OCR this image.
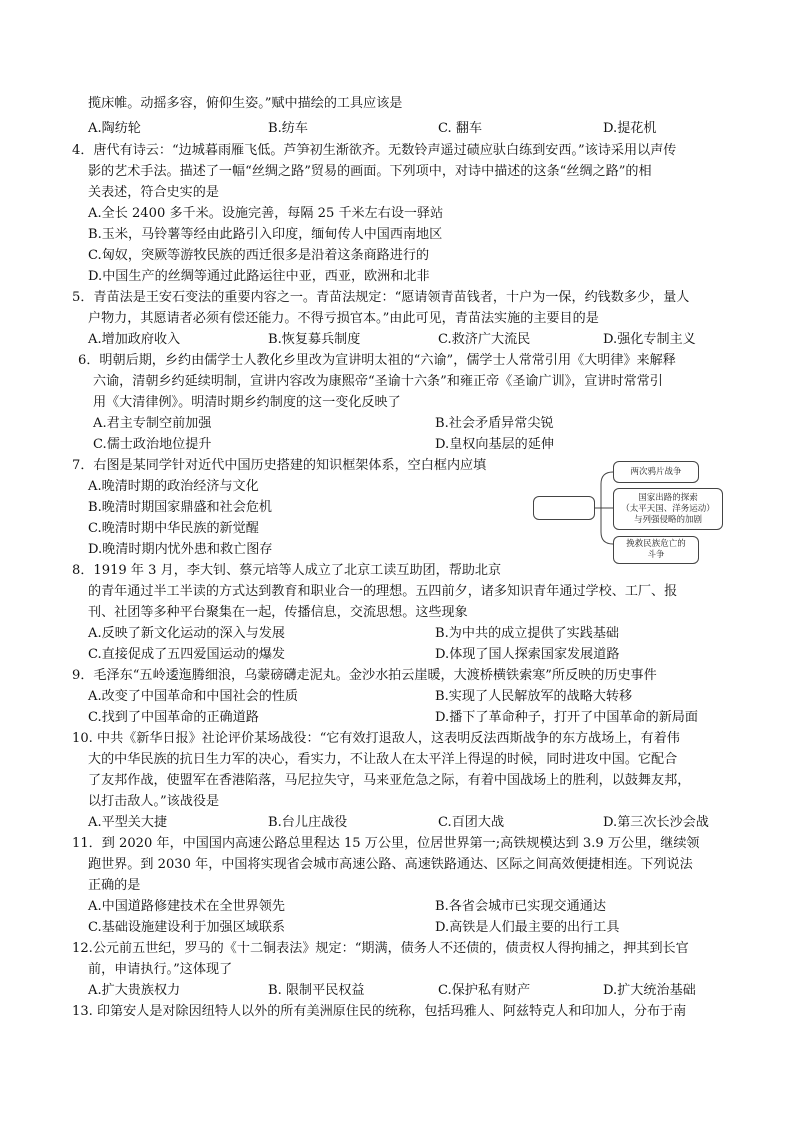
揽床帷。动摇多容，俯仰生姿。”赋中描绘的工具应该是
A.陶纺轮	B.纺车	C. 翻车	D.提花机
4．唐代有诗云：“边城暮雨雁飞低。芦笋初生渐欲齐。无数铃声遥过碛应驮白练到安西。”该诗采用以声传
影的艺术手法。描述了一幅“丝绸之路”贸易的画面。下列项中，对诗中描述的这条“丝绸之路”的相
关表述，符合史实的是
A.全长 2400 多千米。设施完善，每隔 25 千米左右设一驿站
B.玉米，马铃薯等经由此路引入印度，缅甸传人中国西南地区
C.匈奴，突厥等游牧民族的西迁很多是沿着这条商路进行的
D.中国生产的丝绸等通过此路运往中亚，西亚，欧洲和北非
5．青苗法是王安石变法的重要内容之一。青苗法规定：“愿请领青苗钱者，十户为一保，约钱数多少，量人
户物力，其愿请者必须有偿还能力。不得亏损官本。”由此可见，青苗法实施的主要目的是
A.增加政府收入	B.恢复募兵制度	C.救济广大流民	D.强化专制主义
6．明朝后期，乡约由儒学士人教化乡里改为宣讲明太祖的“六谕”，儒学士人常常引用《大明律》来解释
六谕，清朝乡约延续明制，宣讲内容改为康熙帝“圣谕十六条”和雍正帝《圣谕广训》，宣讲时常常引
用《大清律例》。明清时期乡约制度的这一变化反映了
A.君主专制空前加强	B.社会矛盾异常尖锐
C.儒士政治地位提升	D.皇权向基层的延伸
7．右图是某同学针对近代中国历史搭建的知识框架体系，空白框内应填
A.晚清时期的政治经济与文化
B.晚清时期国家鼎盛和社会危机
C.晚清时期中华民族的新觉醒
D.晚清时期内忧外患和救亡图存
两次鸦片战争
国家出路的探索
（太平天国、洋务运动）
与列强侵略的加剧
挽救民族危亡的
斗争
8．1919 年 3 月，李大钊、蔡元培等人成立了北京工读互助团，帮助北京
的青年通过半工半读的方式达到教育和职业合一的理想。五四前夕，诸多知识青年通过学校、工厂、报
刊、社团等多种平台聚集在一起，传播信息，交流思想。这些现象
A.反映了新文化运动的深入与发展	B.为中共的成立提供了实践基础
C.直接促成了五四爱国运动的爆发	D.体现了国人探索国家发展道路
9．毛泽东“五岭逶迤腾细浪，乌蒙磅礴走泥丸。金沙水拍云崖暖，大渡桥横铁索寒”所反映的历史事件
A.改变了中国革命和中国社会的性质	B.实现了人民解放军的战略大转移
C.找到了中国革命的正确道路	D.播下了革命种子，打开了中国革命的新局面
10. 中共《新华日报》社论评价某场战役：“它有效打退敌人，这表明反法西斯战争的东方战场上，有着伟
大的中华民族的抗日生力军的决心，看实力，不让敌人在太平洋上得逞的时候，同时进攻中国。它配合
了友邦作战，使盟军在香港陷落，马尼拉失守，马来亚危急之际，有着中国战场上的胜利，以鼓舞友邦，
以打击敌人。”该战役是
A.平型关大捷	B.台儿庄战役	C.百团大战	D.第三次长沙会战
11．到 2020 年，中国国内高速公路总里程达 15 万公里，位居世界第一;高铁规模达到 3.9 万公里，继续领
跑世界。到 2030 年，中国将实现省会城市高速公路、高速铁路通达、区际之间高效便捷相连。下列说法
正确的是
A.中国道路修建技术在全世界领先	B.各省会城市已实现交通通达
C.基础设施建设利于加强区域联系	D.高铁是人们最主要的出行工具
12.公元前五世纪，罗马的《十二铜表法》规定：“期满，债务人不还债的，债责权人得拘捕之，押其到长官
前，申请执行。”这体现了
A.扩大贵族权力	B. 限制平民权益	C.保护私有财产	D.扩大统治基础
13. 印第安人是对除因纽特人以外的所有美洲原住民的统称，包括玛雅人、阿兹特克人和印加人，分布于南
